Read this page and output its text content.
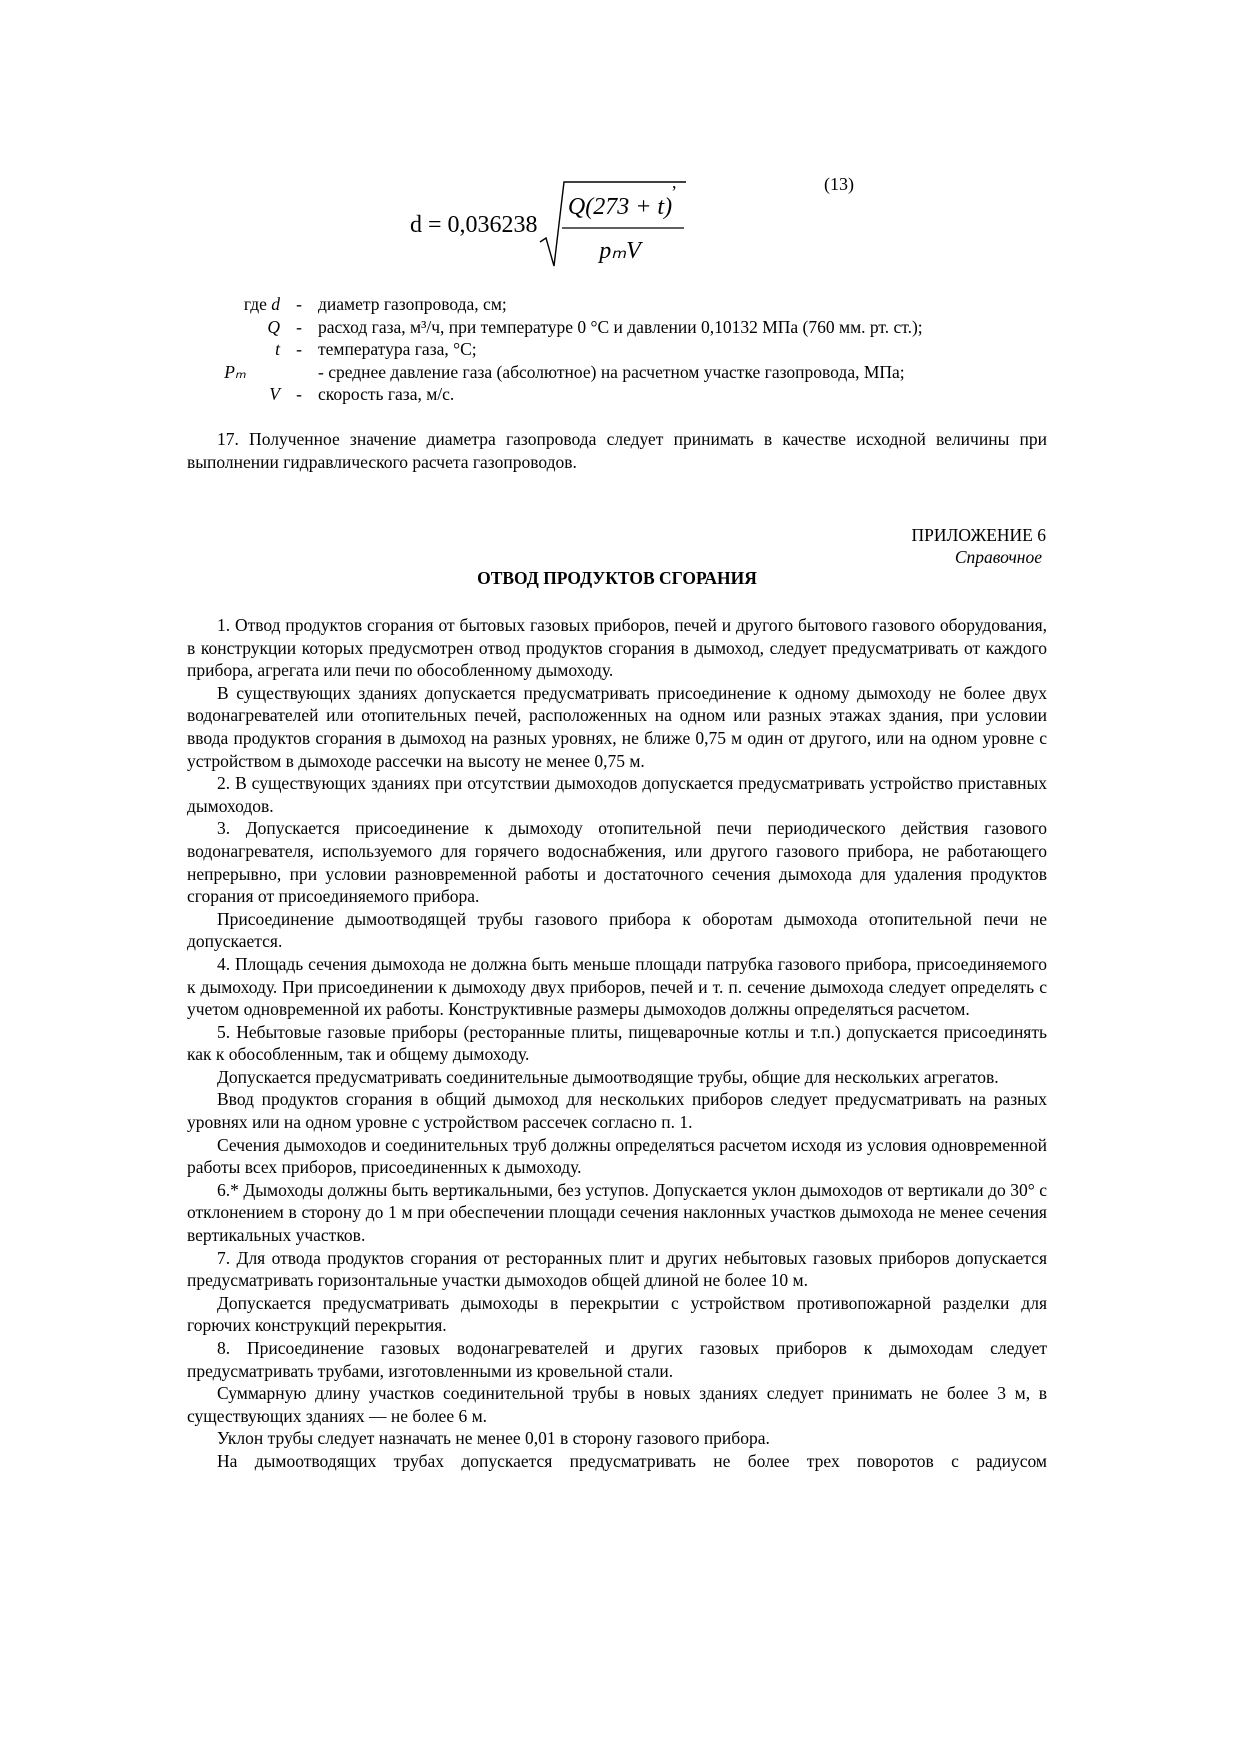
d = 0,036238
Q(273 + t)
pₘV
,	(13)
где d - диаметр газопровода, см;
Q - расход газа, м³/ч, при температуре 0 °С и давлении 0,10132 МПа (760 мм. рт. ст.);
t - температура газа, °С;
Pₘ	- среднее давление газа (абсолютное) на расчетном участке газопровода, МПа;
V - скорость газа, м/с.

17. Полученное значение диаметра газопровода следует принимать в качестве исходной величины при выполнении гидравлического расчета газопроводов.

ПРИЛОЖЕНИЕ 6
Справочное
ОТВОД ПРОДУКТОВ СГОРАНИЯ

1. Отвод продуктов сгорания от бытовых газовых приборов, печей и другого бытового газового оборудования, в конструкции которых предусмотрен отвод продуктов сгорания в дымоход, следует предусматривать от каждого прибора, агрегата или печи по обособленному дымоходу.

В существующих зданиях допускается предусматривать присоединение к одному дымоходу не более двух водонагревателей или отопительных печей, расположенных на одном или разных этажах здания, при условии ввода продуктов сгорания в дымоход на разных уровнях, не ближе 0,75 м один от другого, или на одном уровне с устройством в дымоходе рассечки на высоту не менее 0,75 м.

2. В существующих зданиях при отсутствии дымоходов допускается предусматривать устройство приставных дымоходов.

3. Допускается присоединение к дымоходу отопительной печи периодического действия газового водонагревателя, используемого для горячего водоснабжения, или другого газового прибора, не работающего непрерывно, при условии разновременной работы и достаточного сечения дымохода для удаления продуктов сгорания от присоединяемого прибора.

Присоединение дымоотводящей трубы газового прибора к оборотам дымохода отопительной печи не допускается.

4. Площадь сечения дымохода не должна быть меньше площади патрубка газового прибора, присоединяемого к дымоходу. При присоединении к дымоходу двух приборов, печей и т. п. сечение дымохода следует определять с учетом одновременной их работы. Конструктивные размеры дымоходов должны определяться расчетом.

5. Небытовые газовые приборы (ресторанные плиты, пищеварочные котлы и т.п.) допускается присоединять как к обособленным, так и общему дымоходу.

Допускается предусматривать соединительные дымоотводящие трубы, общие для нескольких агрегатов.

Ввод продуктов сгорания в общий дымоход для нескольких приборов следует предусматривать на разных уровнях или на одном уровне с устройством рассечек согласно п. 1.

Сечения дымоходов и соединительных труб должны определяться расчетом исходя из условия одновременной работы всех приборов, присоединенных к дымоходу.

6.* Дымоходы должны быть вертикальными, без уступов. Допускается уклон дымоходов от вертикали до 30° с отклонением в сторону до 1 м при обеспечении площади сечения наклонных участков дымохода не менее сечения вертикальных участков.

7. Для отвода продуктов сгорания от ресторанных плит и других небытовых газовых приборов допускается предусматривать горизонтальные участки дымоходов общей длиной не более 10 м.

Допускается предусматривать дымоходы в перекрытии с устройством противопожарной разделки для горючих конструкций перекрытия.

8. Присоединение газовых водонагревателей и других газовых приборов к дымоходам следует предусматривать трубами, изготовленными из кровельной стали.

Суммарную длину участков соединительной трубы в новых зданиях следует принимать не более 3 м, в существующих зданиях — не более 6 м.

Уклон трубы следует назначать не менее 0,01 в сторону газового прибора.

На дымоотводящих трубах допускается предусматривать не более трех поворотов с радиусом
